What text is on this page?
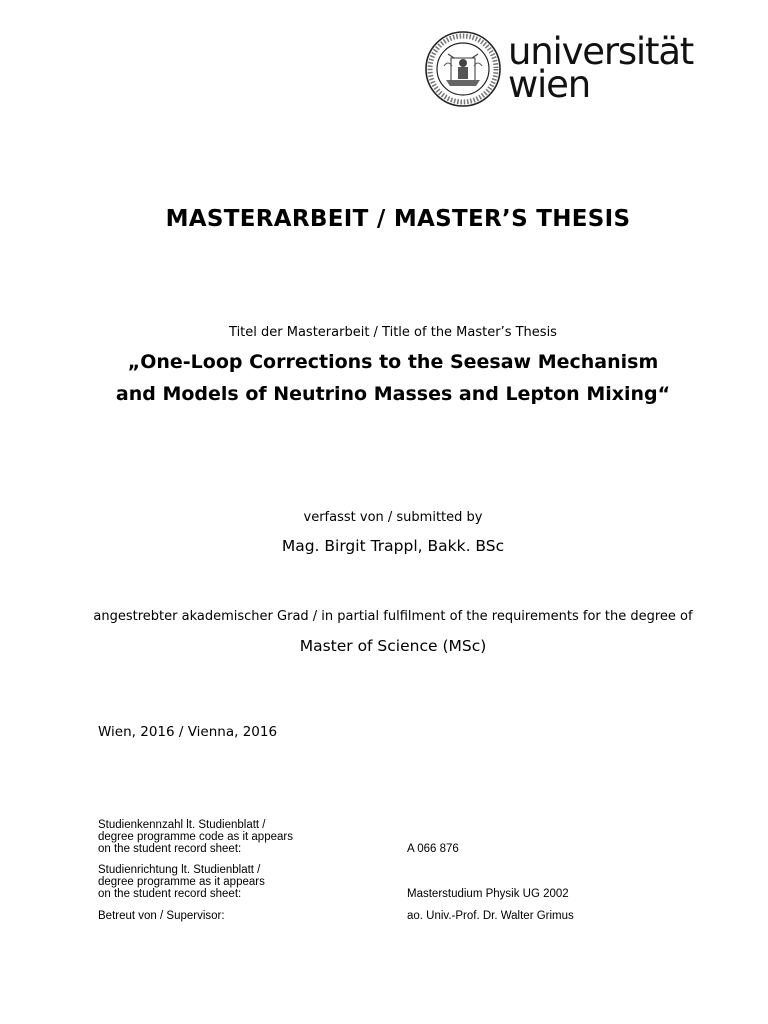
universität
wien
MASTERARBEIT / MASTER’S THESIS
Titel der Masterarbeit / Title of the Master’s Thesis
„One-Loop Corrections to the Seesaw Mechanism
and Models of Neutrino Masses and Lepton Mixing“
verfasst von / submitted by
Mag. Birgit Trappl, Bakk. BSc
angestrebter akademischer Grad / in partial fulfilment of the requirements for the degree of
Master of Science (MSc)
Wien, 2016 / Vienna, 2016
Studienkennzahl lt. Studienblatt /
degree programme code as it appears
on the student record sheet:	A 066 876
Studienrichtung lt. Studienblatt /
degree programme as it appears
on the student record sheet:	Masterstudium Physik UG 2002
Betreut von / Supervisor:	ao. Univ.-Prof. Dr. Walter Grimus
